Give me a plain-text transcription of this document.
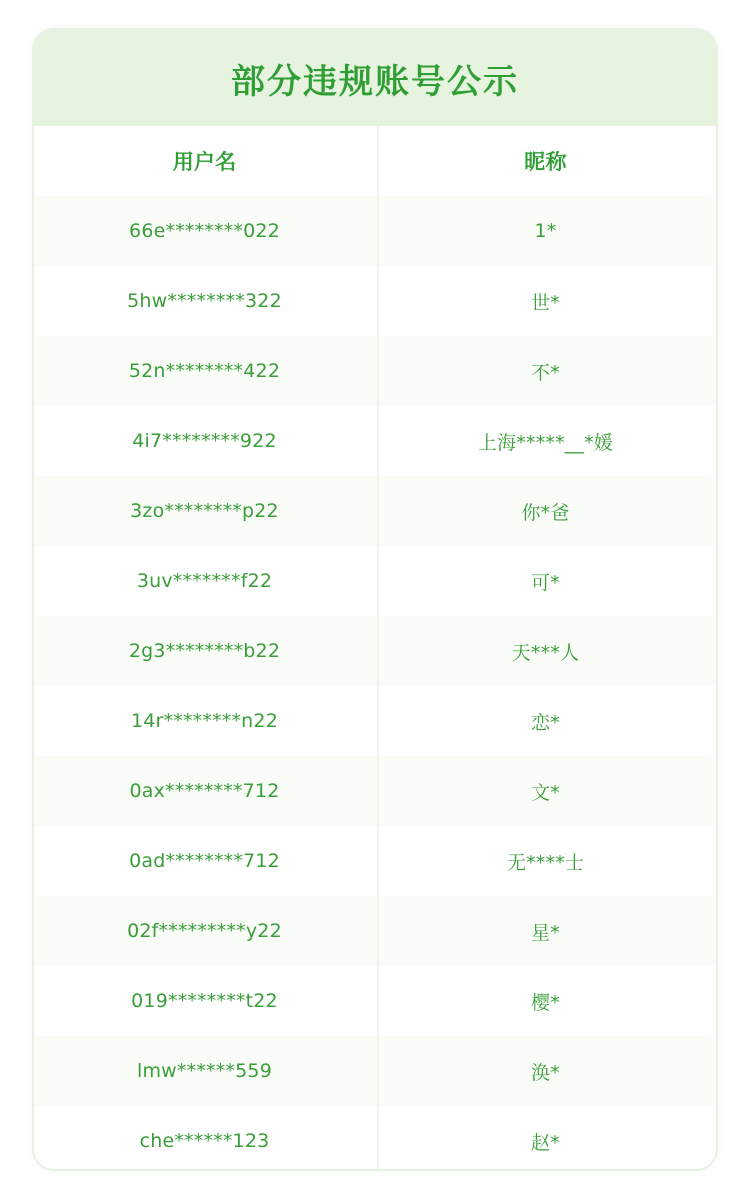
部分违规账号公示
用户名	昵称
66e********022	1*
5hw********322	世*
52n********422	不*
4i7********922	上海*****__*媛
3zo********p22	你*爸
3uv*******f22	可*
2g3********b22	天***人
14r********n22	恋*
0ax********712	文*
0ad********712	无****士
02f*********y22	星*
019********t22	樱*
lmw******559	涣*
che******123	赵*
